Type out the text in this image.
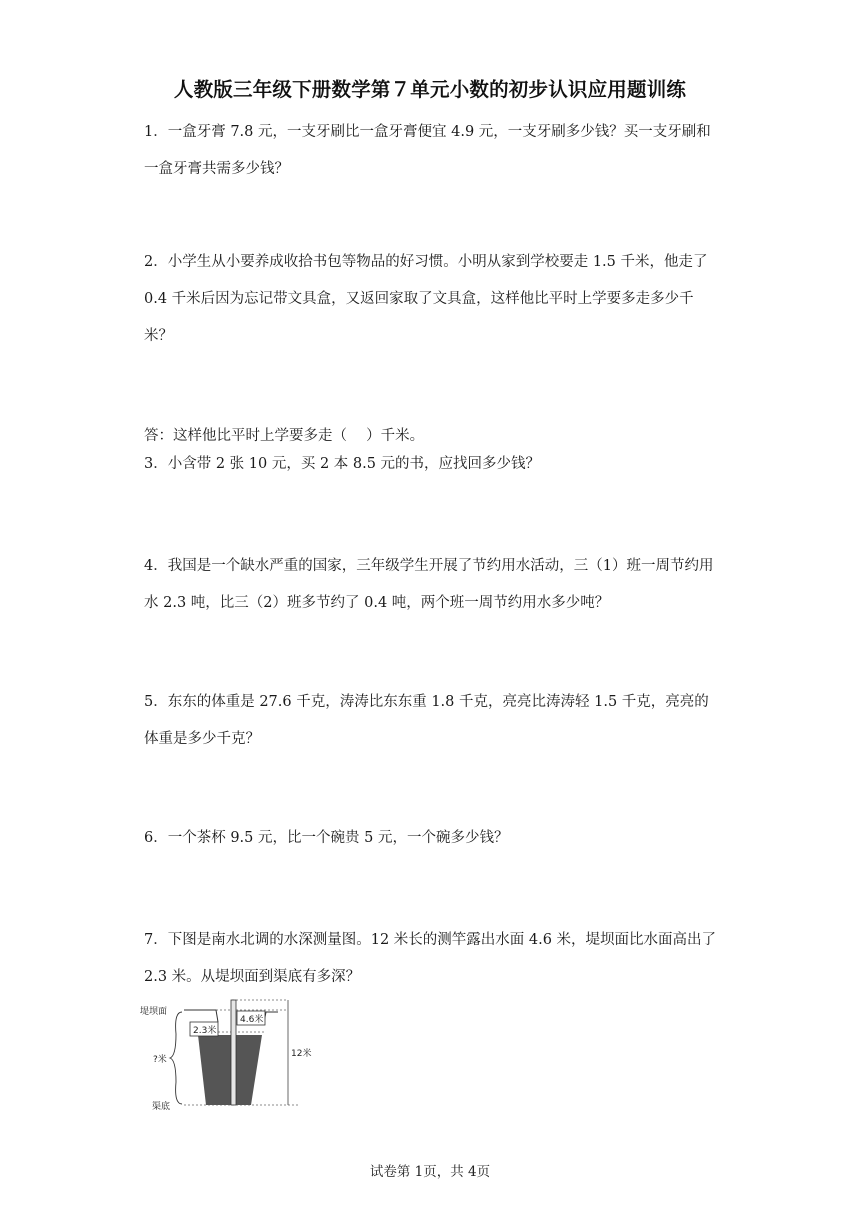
人教版三年级下册数学第７单元小数的初步认识应用题训练
1．一盒牙膏 7.8 元，一支牙刷比一盒牙膏便宜 4.9 元，一支牙刷多少钱？买一支牙刷和一盒牙膏共需多少钱？
2．小学生从小要养成收拾书包等物品的好习惯。小明从家到学校要走 1.5 千米，他走了 0.4 千米后因为忘记带文具盒，又返回家取了文具盒，这样他比平时上学要多走多少千米？
答：这样他比平时上学要多走（　 ）千米。
3．小含带 2 张 10 元，买 2 本 8.5 元的书，应找回多少钱？
4．我国是一个缺水严重的国家，三年级学生开展了节约用水活动，三（1）班一周节约用水 2.3 吨，比三（2）班多节约了 0.4 吨，两个班一周节约用水多少吨？
5．东东的体重是 27.6 千克，涛涛比东东重 1.8 千克，亮亮比涛涛轻 1.5 千克，亮亮的体重是多少千克？
6．一个茶杯 9.5 元，比一个碗贵 5 元，一个碗多少钱？
7．下图是南水北调的水深测量图。12 米长的测竿露出水面 4.6 米，堤坝面比水面高出了 2.3 米。从堤坝面到渠底有多深？
2.3米
4.6米
12米
?米
堤坝面
渠底
试卷第 1页，共 4页
